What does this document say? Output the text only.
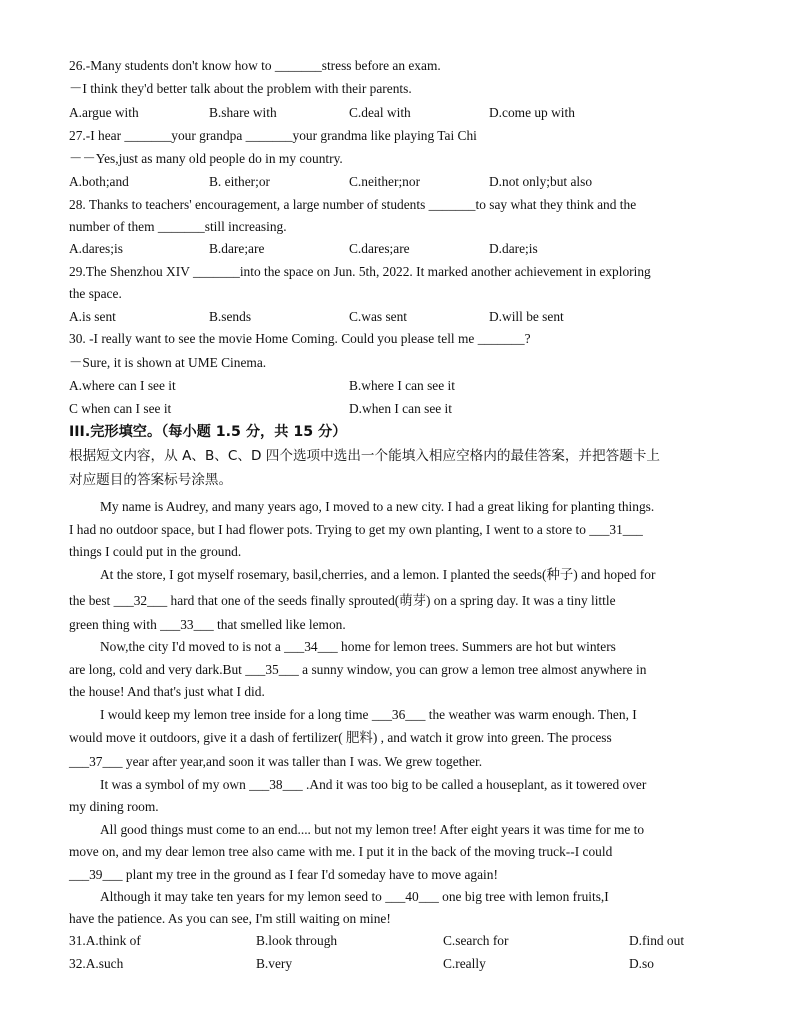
26.-Many students don't know how to _______stress before an exam.
－I think they'd better talk about the problem with their parents.
A.argue with	B.share with	C.deal with	D.come up with
27.-I hear _______your grandpa _______your grandma like playing Tai Chi
－－Yes,just as many old people do in my country.
A.both;and	B. either;or	C.neither;nor	D.not only;but also
28. Thanks to teachers' encouragement, a large number of students _______to say what they think and the
number of them _______still increasing.
A.dares;is	B.dare;are	C.dares;are	D.dare;is
29.The Shenzhou XIV _______into the space on Jun. 5th, 2022. It marked another achievement in exploring
the space.
A.is sent	B.sends	C.was sent	D.will be sent
30. -I really want to see the movie Home Coming. Could you please tell me _______?
－Sure, it is shown at UME Cinema.
A.where can I see it	B.where I can see it
C when can I see it	D.when I can see it
III.完形填空。（每小题 1.5 分，共 15 分）
根据短文内容，从 A、B、C、D 四个选项中选出一个能填入相应空格内的最佳答案，并把答题卡上
对应题目的答案标号涂黑。
My name is Audrey, and many years ago, I moved to a new city. I had a great liking for planting things.
I had no outdoor space, but I had flower pots. Trying to get my own planting, I went to a store to ___31___
things I could put in the ground.
At the store, I got myself rosemary, basil,cherries, and a lemon. I planted the seeds(种子) and hoped for
the best ___32___ hard that one of the seeds finally sprouted(萌芽) on a spring day. It was a tiny little
green thing with ___33___ that smelled like lemon.
Now,the city I'd moved to is not a ___34___ home for lemon trees. Summers are hot but winters
are long, cold and very dark.But ___35___ a sunny window, you can grow a lemon tree almost anywhere in
the house! And that's just what I did.
I would keep my lemon tree inside for a long time ___36___ the weather was warm enough. Then, I
would move it outdoors, give it a dash of fertilizer( 肥料) , and watch it grow into green. The process
___37___ year after year,and soon it was taller than I was. We grew together.
It was a symbol of my own ___38___ .And it was too big to be called a houseplant, as it towered over
my dining room.
All good things must come to an end.... but not my lemon tree! After eight years it was time for me to
move on, and my dear lemon tree also came with me. I put it in the back of the moving truck--I could
___39___ plant my tree in the ground as I fear I'd someday have to move again!
Although it may take ten years for my lemon seed to ___40___ one big tree with lemon fruits,I
have the patience. As you can see, I'm still waiting on mine!
31.A.think of	B.look through	C.search for	D.find out
32.A.such	B.very	C.really	D.so
